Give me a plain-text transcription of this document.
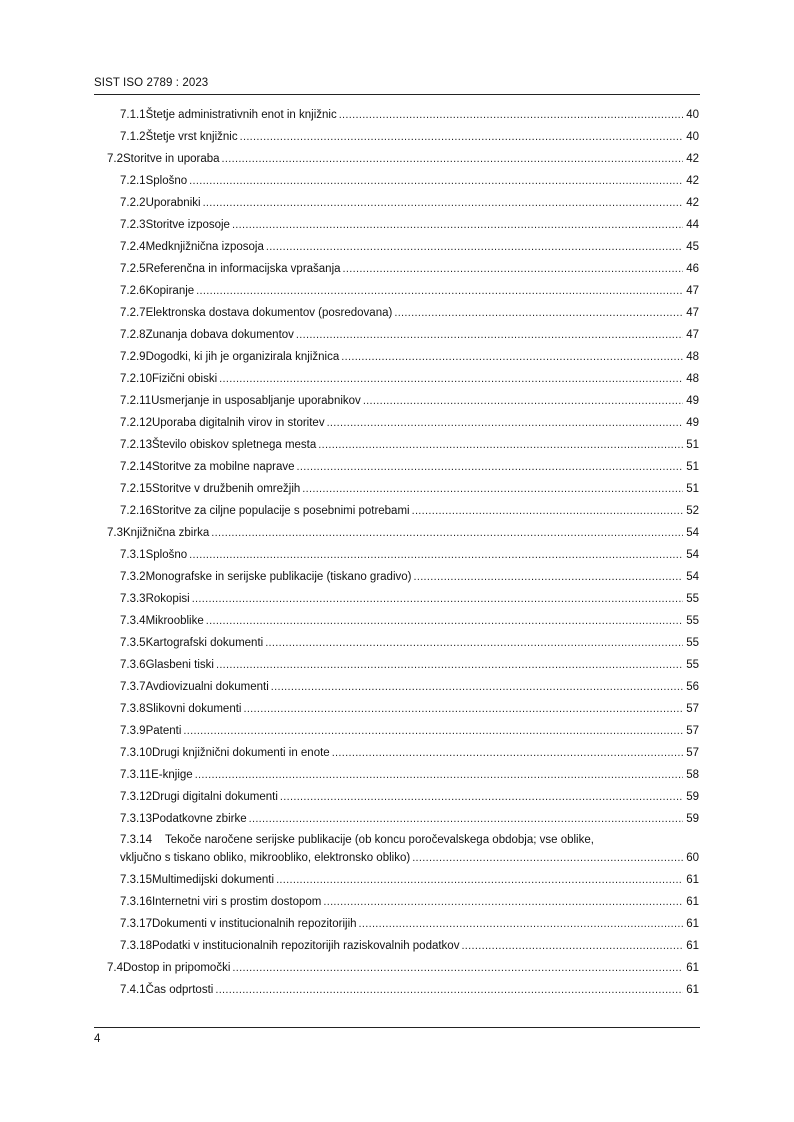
SIST ISO 2789 : 2023
7.1.1 Štetje administrativnih enot in knjižnic .....	40
7.1.2 Štetje vrst knjižnic .....	40
7.2 Storitve in uporaba .....	42
7.2.1 Splošno .....	42
7.2.2 Uporabniki .....	42
7.2.3 Storitve izposoje .....	44
7.2.4 Medknjižnična izposoja .....	45
7.2.5 Referenčna in informacijska vprašanja .....	46
7.2.6 Kopiranje .....	47
7.2.7 Elektronska dostava dokumentov (posredovana) .....	47
7.2.8 Zunanja dobava dokumentov .....	47
7.2.9 Dogodki, ki jih je organizirala knjižnica .....	48
7.2.10 Fizični obiski .....	48
7.2.11 Usmerjanje in usposabljanje uporabnikov .....	49
7.2.12 Uporaba digitalnih virov in storitev .....	49
7.2.13 Število obiskov spletnega mesta .....	51
7.2.14 Storitve za mobilne naprave .....	51
7.2.15 Storitve v družbenih omrežjih .....	51
7.2.16 Storitve za ciljne populacije s posebnimi potrebami .....	52
7.3 Knjižnična zbirka .....	54
7.3.1 Splošno .....	54
7.3.2 Monografske in serijske publikacije (tiskano gradivo) .....	54
7.3.3 Rokopisi .....	55
7.3.4 Mikrooblike .....	55
7.3.5 Kartografski dokumenti .....	55
7.3.6 Glasbeni tiski .....	55
7.3.7 Avdiovizualni dokumenti .....	56
7.3.8 Slikovni dokumenti .....	57
7.3.9 Patenti .....	57
7.3.10 Drugi knjižnični dokumenti in enote .....	57
7.3.11 E-knjige .....	58
7.3.12 Drugi digitalni dokumenti .....	59
7.3.13 Podatkovne zbirke .....	59
7.3.14 Tekoče naročene serijske publikacije (ob koncu poročevalskega obdobja; vse oblike,
vključno s tiskano obliko, mikroobliko, elektronsko obliko) .....	60
7.3.15 Multimedijski dokumenti .....	61
7.3.16 Internetni viri s prostim dostopom .....	61
7.3.17 Dokumenti v institucionalnih repozitorijih .....	61
7.3.18 Podatki v institucionalnih repozitorijih raziskovalnih podatkov .....	61
7.4 Dostop in pripomočki .....	61
7.4.1 Čas odprtosti .....	61
4
